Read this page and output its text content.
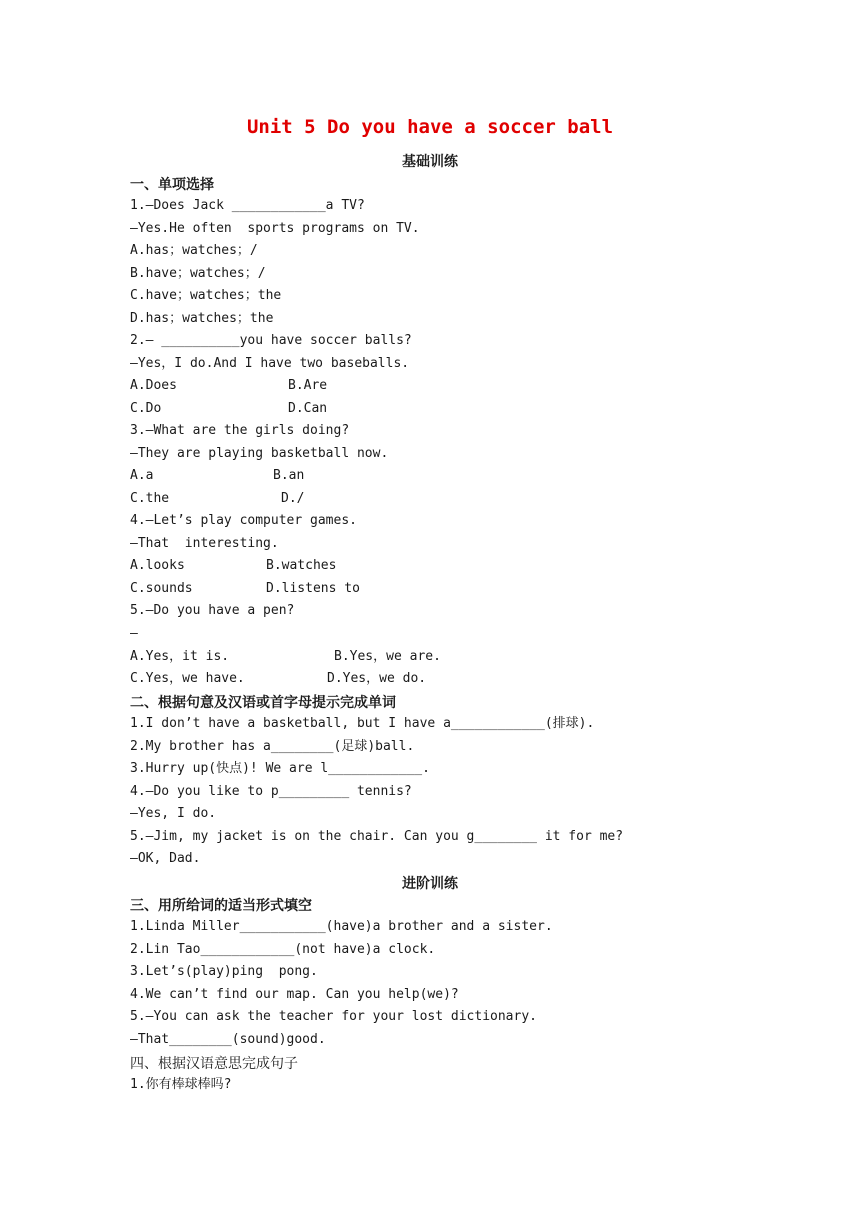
Unit 5 Do you have a soccer ball
基础训练
一、单项选择
1.—Does Jack ____________a TV?
—Yes.He often  sports programs on TV.
A.has；watches；/
B.have；watches；/
C.have；watches；the
D.has；watches；the
2.— __________you have soccer balls?
—Yes，I do.And I have two baseballs.
A.Does	B.Are
C.Do	D.Can
3.—What are the girls doing?
—They are playing basketball now.
A.a	B.an
C.the	D./
4.—Let’s play computer games.
—That  interesting.
A.looks	B.watches
C.sounds	D.listens to
5.—Do you have a pen?
—
A.Yes，it is.	B.Yes，we are.
C.Yes，we have.	D.Yes，we do.
二、根据句意及汉语或首字母提示完成单词
1.I don’t have a basketball, but I have a____________(排球).
2.My brother has a________(足球)ball.
3.Hurry up(快点)! We are l____________.
4.—Do you like to p_________ tennis?
—Yes, I do.
5.—Jim, my jacket is on the chair. Can you g________ it for me?
—OK, Dad.
进阶训练
三、用所给词的适当形式填空
1.Linda Miller___________(have)a brother and a sister.
2.Lin Tao____________(not have)a clock.
3.Let’s(play)ping  pong.
4.We can’t find our map. Can you help(we)?
5.—You can ask the teacher for your lost dictionary.
—That________(sound)good.
四、根据汉语意思完成句子
1.你有棒球棒吗?
